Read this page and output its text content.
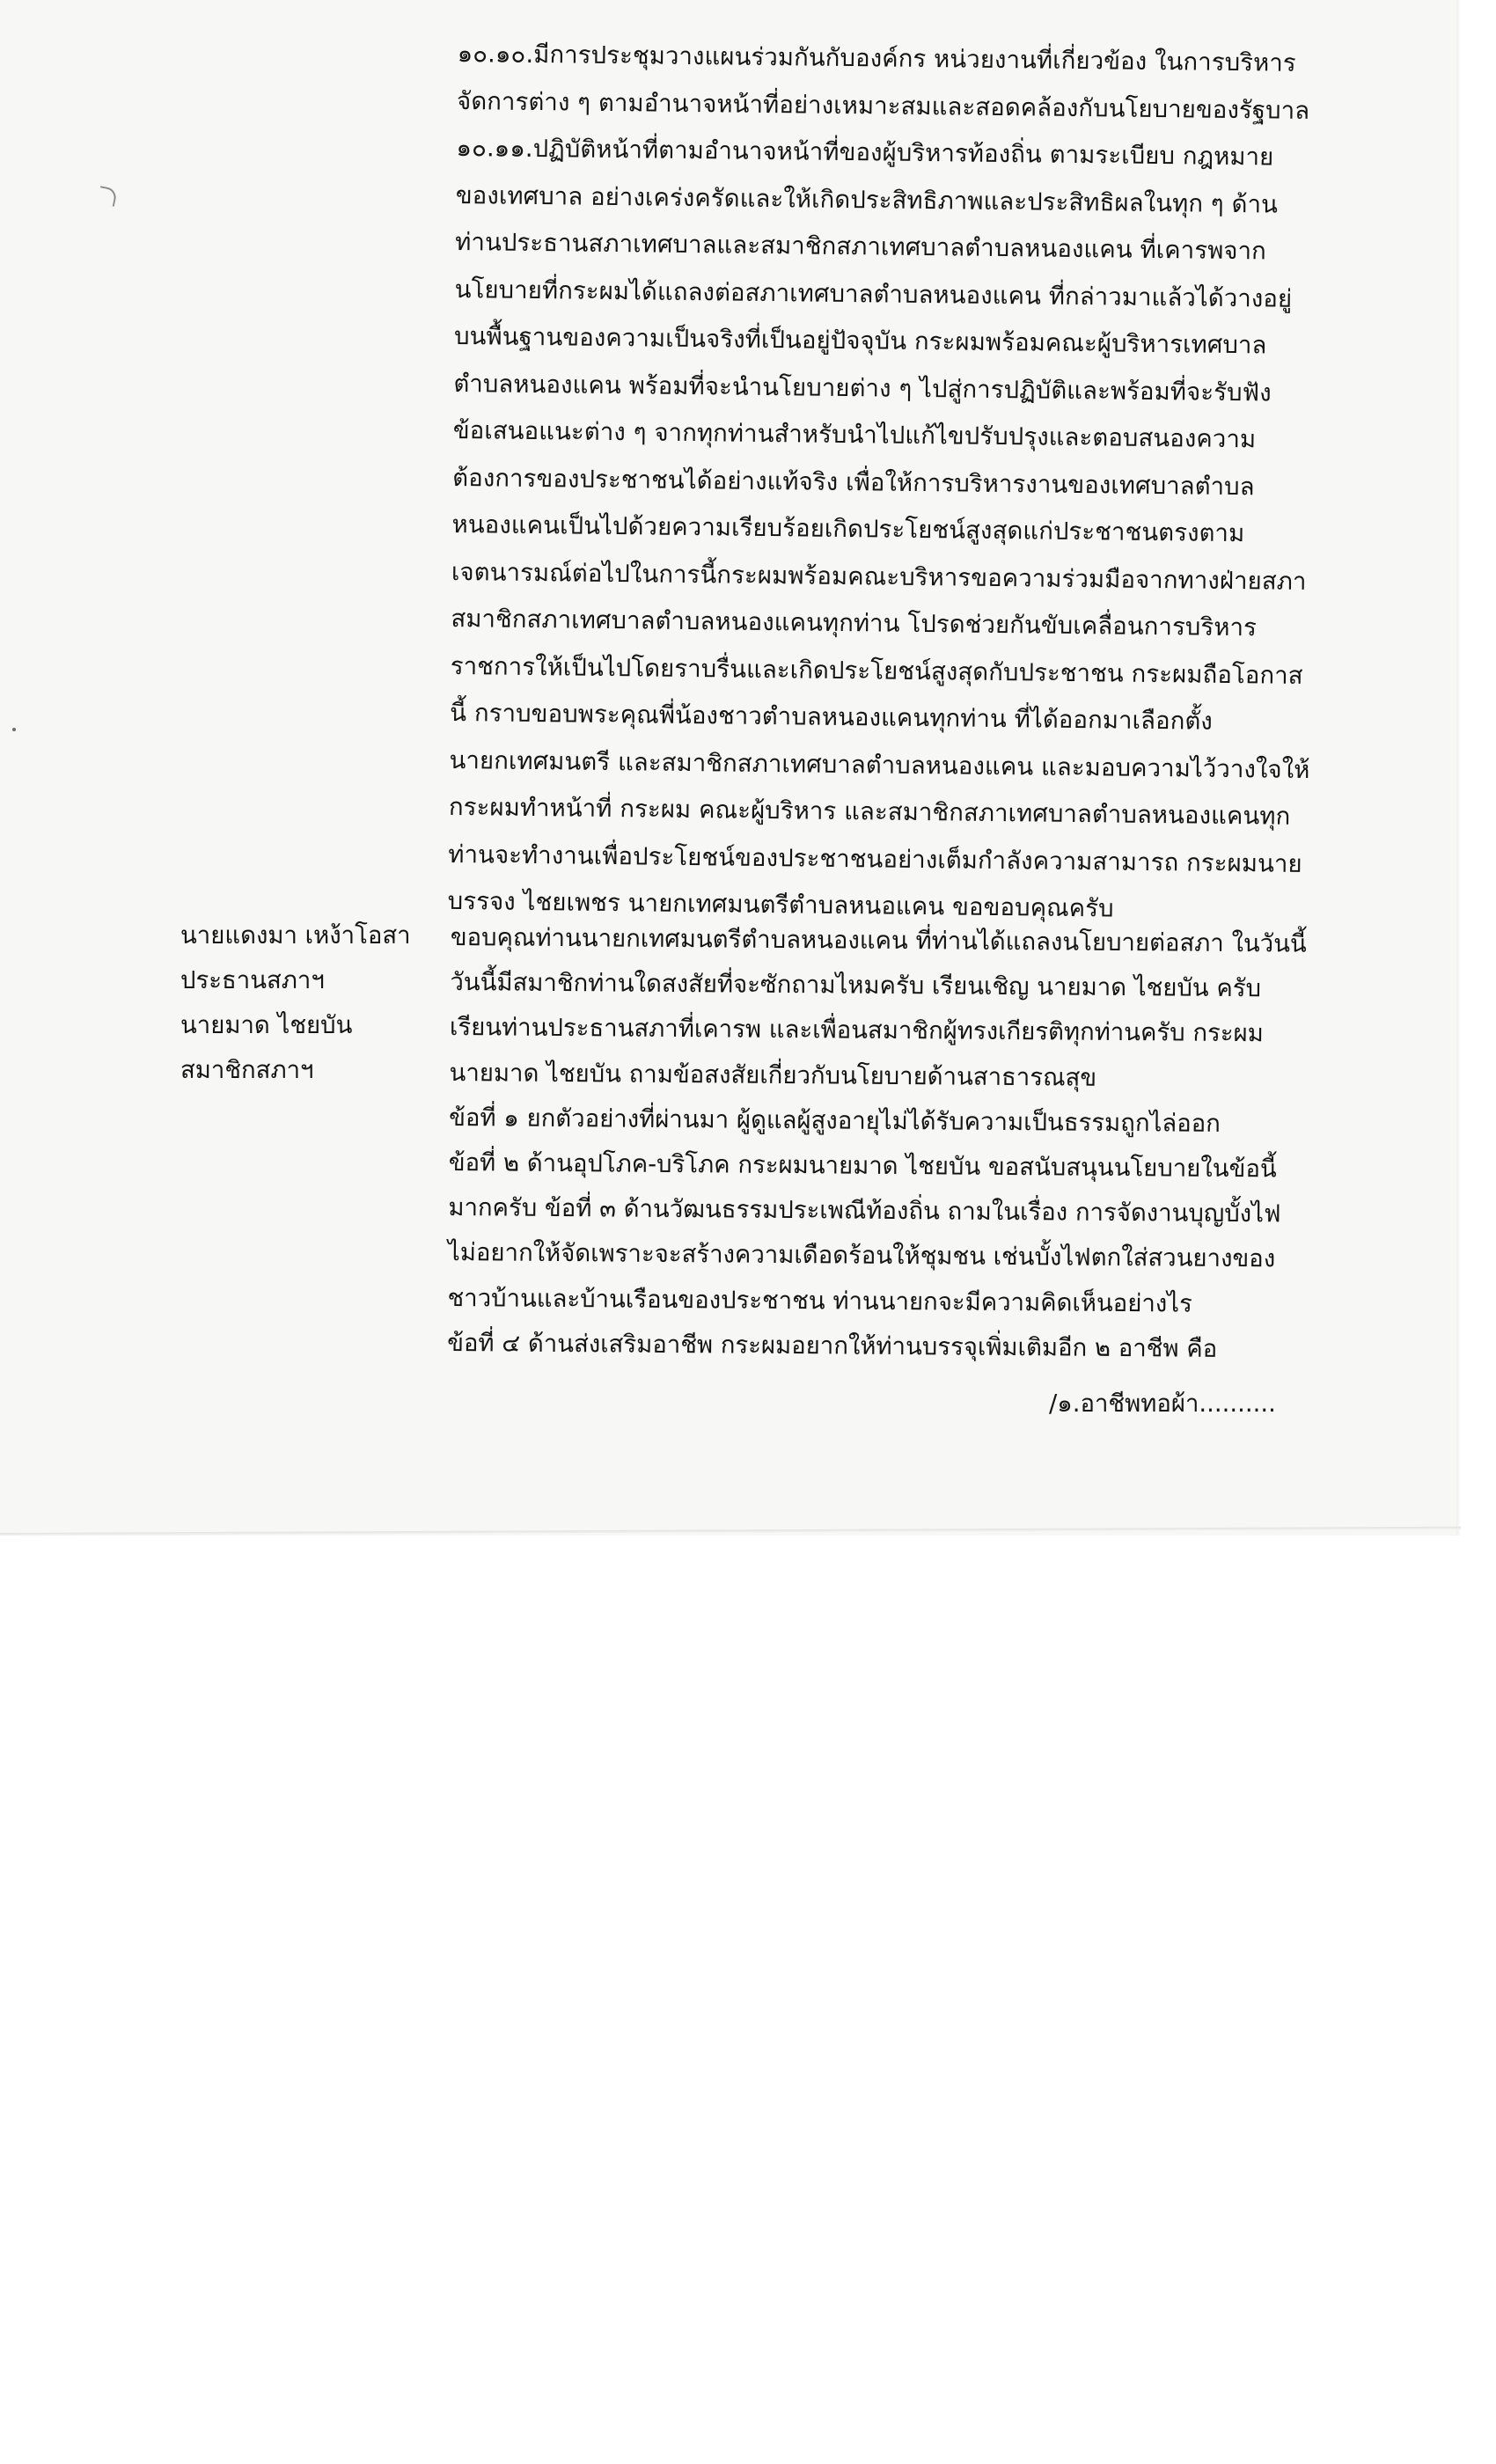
๑๐.๑๐.มีการประชุมวางแผนร่วมกันกับองค์กร หน่วยงานที่เกี่ยวข้อง ในการบริหาร
จัดการต่าง ๆ ตามอำนาจหน้าที่อย่างเหมาะสมและสอดคล้องกับนโยบายของรัฐบาล
๑๐.๑๑.ปฏิบัติหน้าที่ตามอำนาจหน้าที่ของผู้บริหารท้องถิ่น ตามระเบียบ กฎหมาย
ของเทศบาล อย่างเคร่งครัดและให้เกิดประสิทธิภาพและประสิทธิผลในทุก ๆ ด้าน
ท่านประธานสภาเทศบาลและสมาชิกสภาเทศบาลตำบลหนองแคน ที่เคารพจาก
นโยบายที่กระผมได้แถลงต่อสภาเทศบาลตำบลหนองแคน ที่กล่าวมาแล้วได้วางอยู่
บนพื้นฐานของความเป็นจริงที่เป็นอยู่ปัจจุบัน กระผมพร้อมคณะผู้บริหารเทศบาล
ตำบลหนองแคน พร้อมที่จะนำนโยบายต่าง ๆ ไปสู่การปฏิบัติและพร้อมที่จะรับฟัง
ข้อเสนอแนะต่าง ๆ จากทุกท่านสำหรับนำไปแก้ไขปรับปรุงและตอบสนองความ
ต้องการของประชาชนได้อย่างแท้จริง เพื่อให้การบริหารงานของเทศบาลตำบล
หนองแคนเป็นไปด้วยความเรียบร้อยเกิดประโยชน์สูงสุดแก่ประชาชนตรงตาม
เจตนารมณ์ต่อไปในการนี้กระผมพร้อมคณะบริหารขอความร่วมมือจากทางฝ่ายสภา
สมาชิกสภาเทศบาลตำบลหนองแคนทุกท่าน โปรดช่วยกันขับเคลื่อนการบริหาร
ราชการให้เป็นไปโดยราบรื่นและเกิดประโยชน์สูงสุดกับประชาชน กระผมถือโอกาส
นี้ กราบขอบพระคุณพี่น้องชาวตำบลหนองแคนทุกท่าน ที่ได้ออกมาเลือกตั้ง
นายกเทศมนตรี และสมาชิกสภาเทศบาลตำบลหนองแคน และมอบความไว้วางใจให้
กระผมทำหน้าที่ กระผม คณะผู้บริหาร และสมาชิกสภาเทศบาลตำบลหนองแคนทุก
ท่านจะทำงานเพื่อประโยชน์ของประชาชนอย่างเต็มกำลังความสามารถ กระผมนาย
บรรจง ไชยเพชร นายกเทศมนตรีตำบลหนอแคน ขอขอบคุณครับ
นายแดงมา เหง้าโอสา
ประธานสภาฯ
นายมาด ไชยบัน
สมาชิกสภาฯ
ขอบคุณท่านนายกเทศมนตรีตำบลหนองแคน ที่ท่านได้แถลงนโยบายต่อสภา ในวันนี้
วันนี้มีสมาชิกท่านใดสงสัยที่จะซักถามไหมครับ เรียนเชิญ นายมาด ไชยบัน ครับ
เรียนท่านประธานสภาที่เคารพ และเพื่อนสมาชิกผู้ทรงเกียรติทุกท่านครับ กระผม
นายมาด ไชยบัน ถามข้อสงสัยเกี่ยวกับนโยบายด้านสาธารณสุข
ข้อที่ ๑ ยกตัวอย่างที่ผ่านมา ผู้ดูแลผู้สูงอายุไม่ได้รับความเป็นธรรมถูกไล่ออก
ข้อที่ ๒ ด้านอุปโภค-บริโภค กระผมนายมาด ไชยบัน ขอสนับสนุนนโยบายในข้อนี้
มากครับ ข้อที่ ๓ ด้านวัฒนธรรมประเพณีท้องถิ่น ถามในเรื่อง การจัดงานบุญบั้งไฟ
ไม่อยากให้จัดเพราะจะสร้างความเดือดร้อนให้ชุมชน เช่นบั้งไฟตกใส่สวนยางของ
ชาวบ้านและบ้านเรือนของประชาชน ท่านนายกจะมีความคิดเห็นอย่างไร
ข้อที่ ๔ ด้านส่งเสริมอาชีพ กระผมอยากให้ท่านบรรจุเพิ่มเติมอีก ๒ อาชีพ คือ
/๑.อาชีพทอผ้า..........
